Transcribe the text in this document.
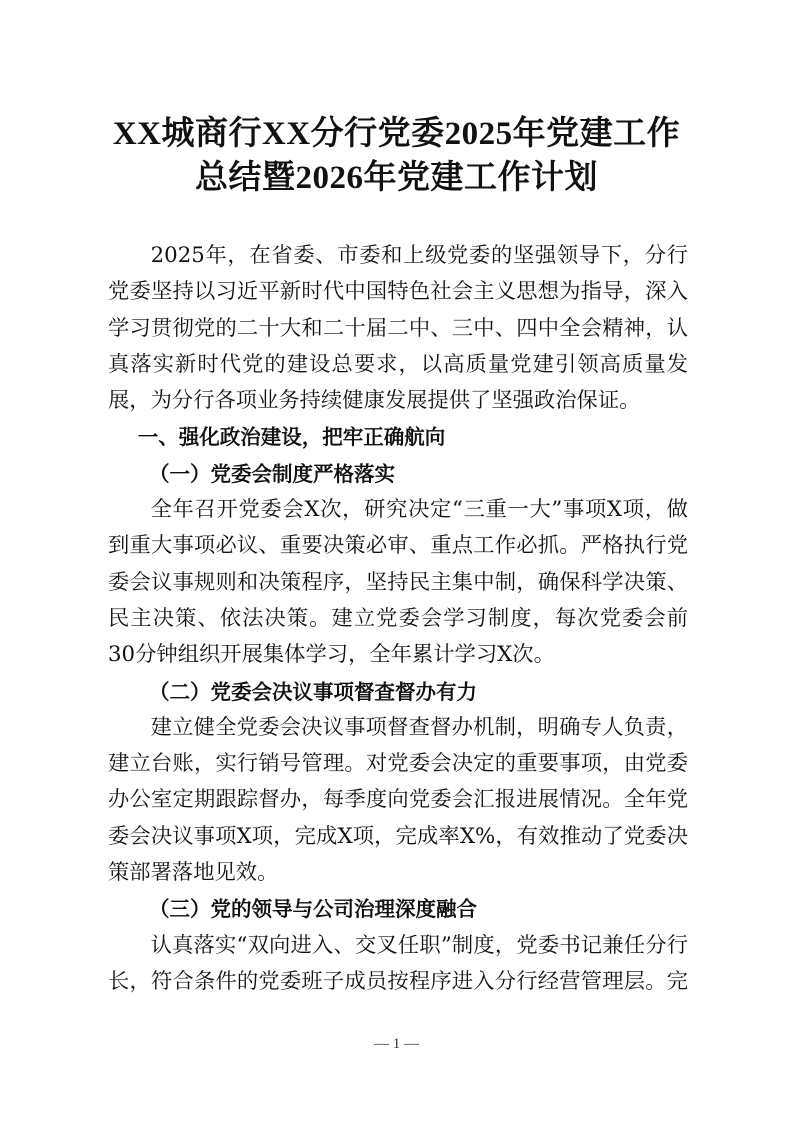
XX城商行XX分行党委2025年党建工作
总结暨2026年党建工作计划

2025年，在省委、市委和上级党委的坚强领导下，分行党委坚持以习近平新时代中国特色社会主义思想为指导，深入学习贯彻党的二十大和二十届二中、三中、四中全会精神，认真落实新时代党的建设总要求，以高质量党建引领高质量发展，为分行各项业务持续健康发展提供了坚强政治保证。

一、强化政治建设，把牢正确航向

（一）党委会制度严格落实

全年召开党委会X次，研究决定“三重一大”事项X项，做到重大事项必议、重要决策必审、重点工作必抓。严格执行党委会议事规则和决策程序，坚持民主集中制，确保科学决策、民主决策、依法决策。建立党委会学习制度，每次党委会前30分钟组织开展集体学习，全年累计学习X次。

（二）党委会决议事项督查督办有力

建立健全党委会决议事项督查督办机制，明确专人负责，建立台账，实行销号管理。对党委会决定的重要事项，由党委办公室定期跟踪督办，每季度向党委会汇报进展情况。全年党委会决议事项X项，完成X项，完成率X%，有效推动了党委决策部署落地见效。

（三）党的领导与公司治理深度融合

认真落实“双向进入、交叉任职”制度，党委书记兼任分行长，符合条件的党委班子成员按程序进入分行经营管理层。完

— 1 —
